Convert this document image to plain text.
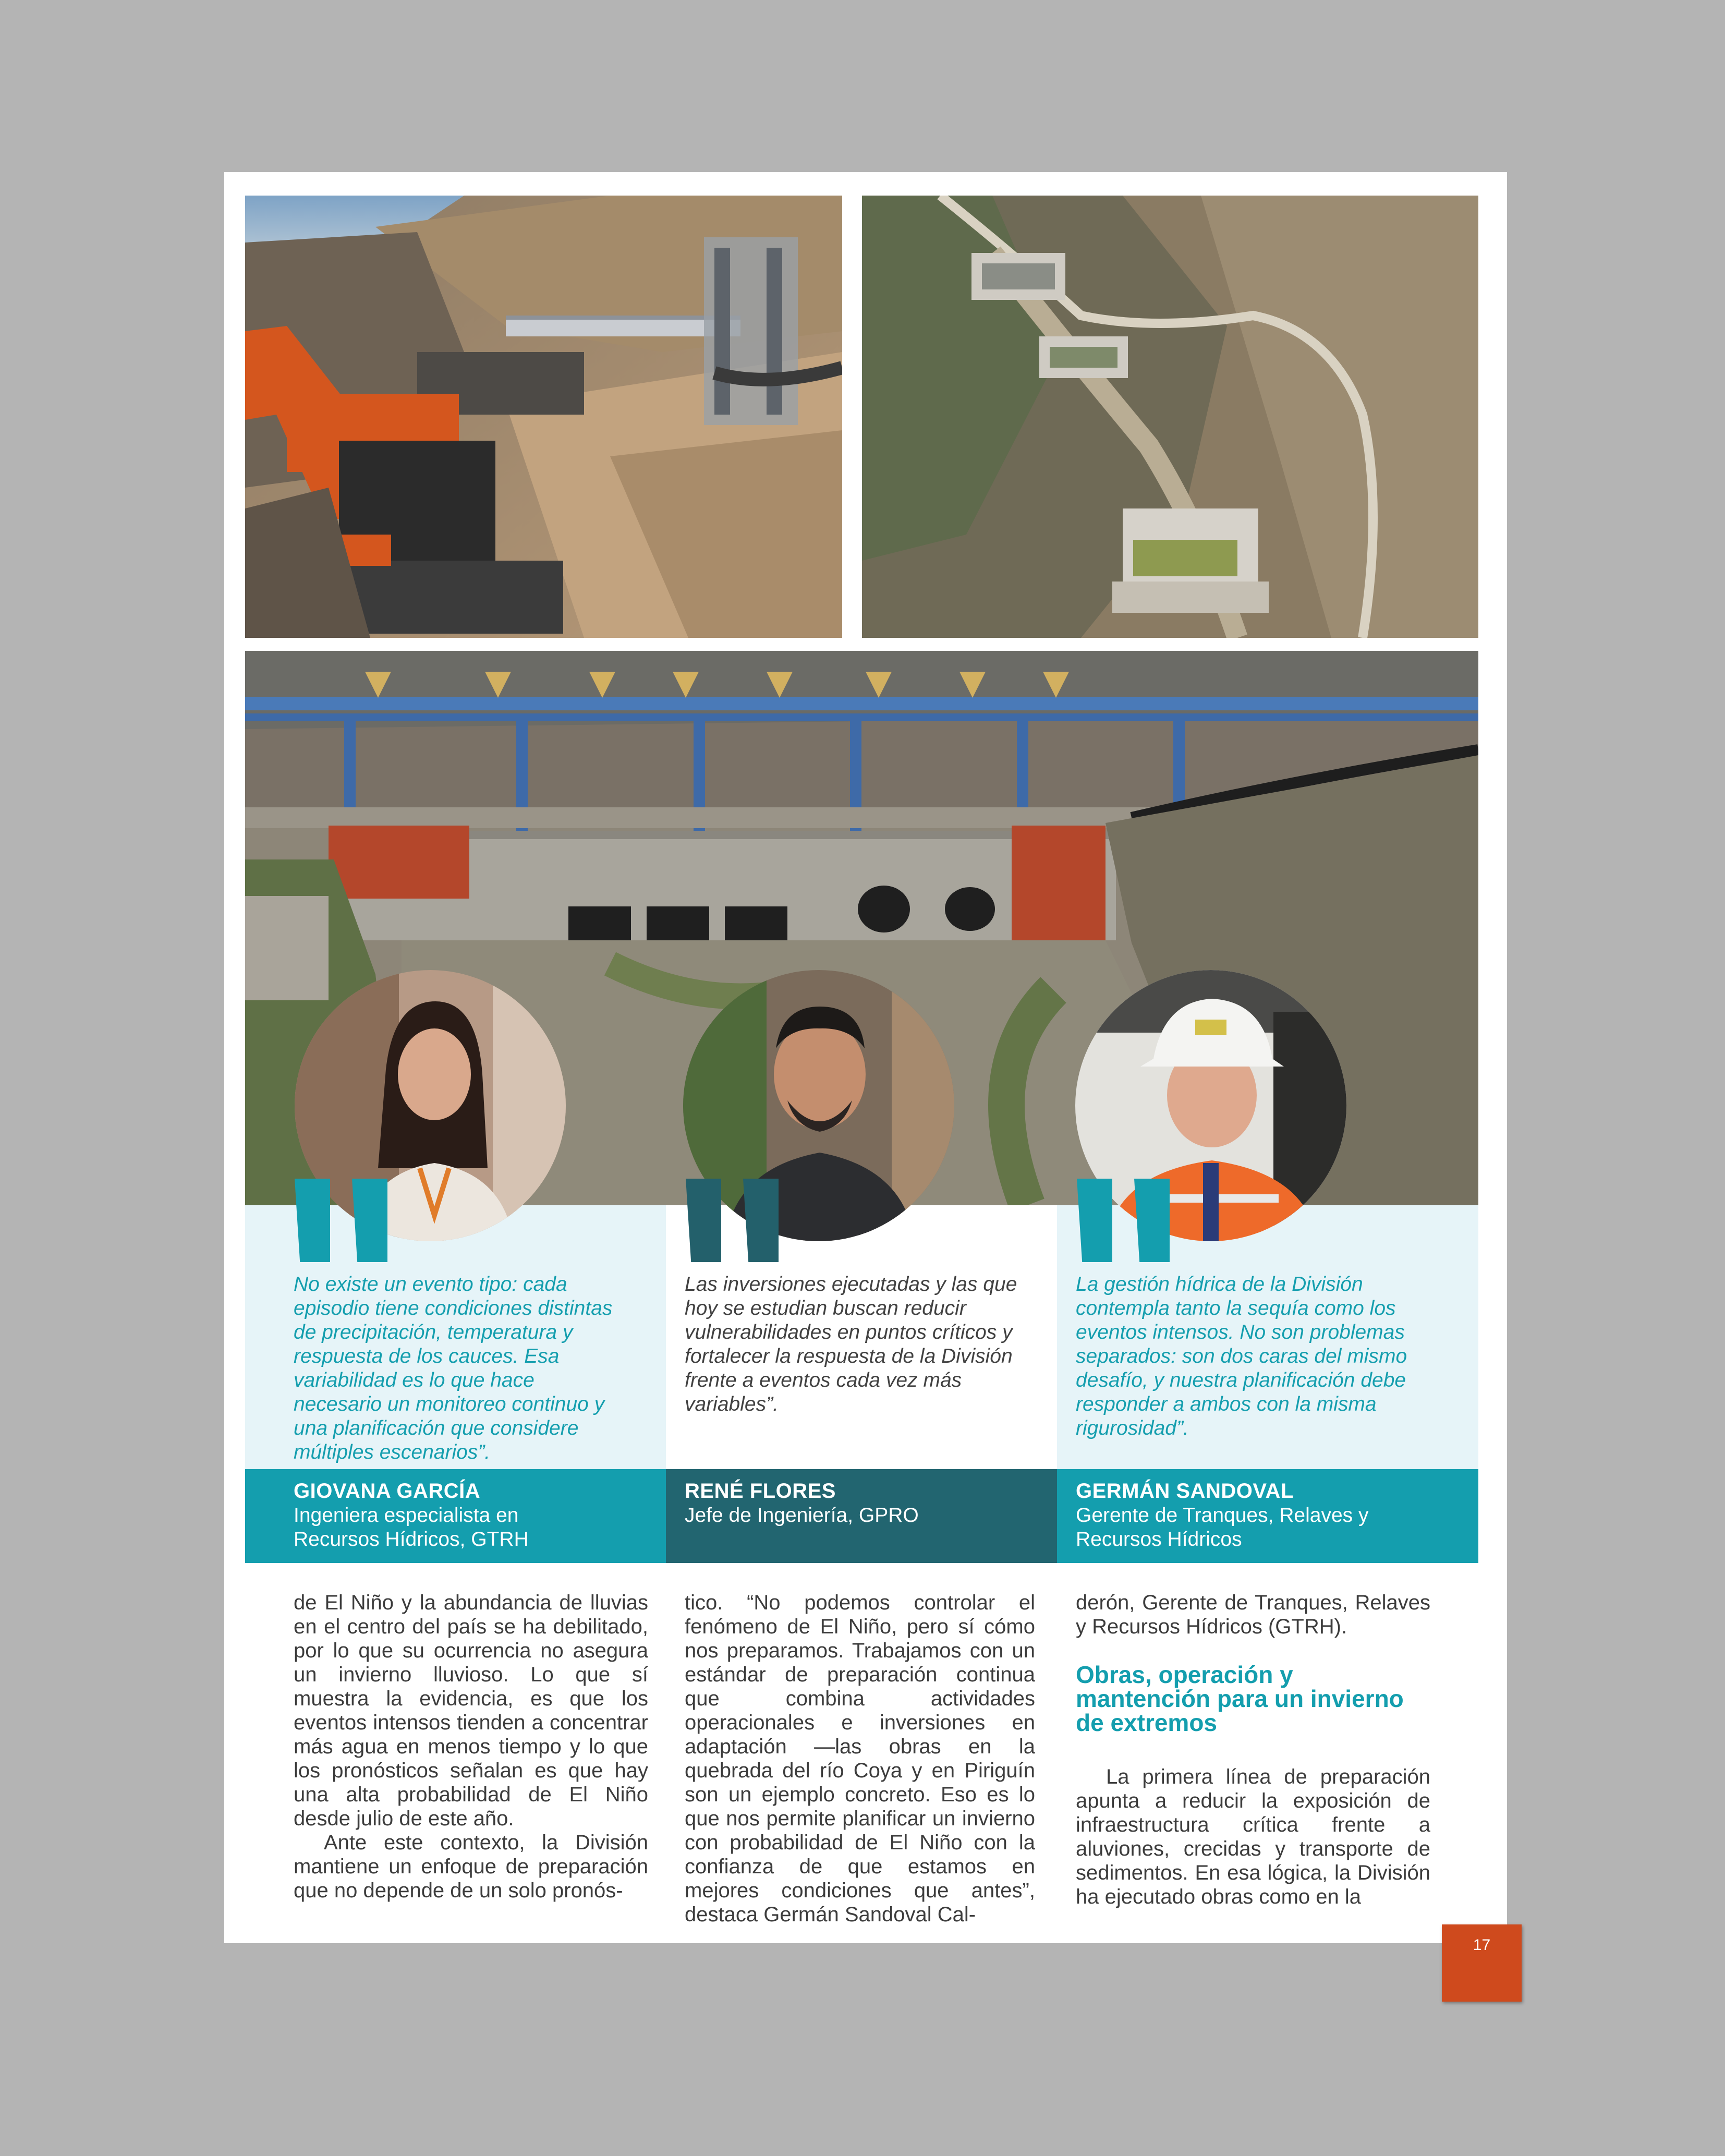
No existe un evento tipo: cada episodio tiene condiciones distintas de precipitación, temperatura y respuesta de los cauces. Esa variabilidad es lo que hace necesario un monitoreo continuo y una planificación que considere múltiples escenarios”.

Las inversiones ejecutadas y las que hoy se estudian buscan reducir vulnerabilidades en puntos críticos y fortalecer la respuesta de la División frente a eventos cada vez más variables”.

La gestión hídrica de la División contempla tanto la sequía como los eventos intensos. No son problemas separados: son dos caras del mismo desafío, y nuestra planificación debe responder a ambos con la misma rigurosidad”.

GIOVANA GARCÍA
Ingeniera especialista en Recursos Hídricos, GTRH
RENÉ FLORES
Jefe de Ingeniería, GPRO
GERMÁN SANDOVAL
Gerente de Tranques, Relaves y Recursos Hídricos

de El Niño y la abundancia de lluvias en el centro del país se ha debilitado, por lo que su ocurrencia no asegura un invierno lluvioso. Lo que sí muestra la evidencia, es que los eventos intensos tienden a concentrar más agua en menos tiempo y lo que los pronósticos señalan es que hay una alta probabilidad de El Niño desde julio de este año.

Ante este contexto, la División mantiene un enfoque de preparación que no depende de un solo pronós-

tico. “No podemos controlar el fenómeno de El Niño, pero sí cómo nos preparamos. Trabajamos con un estándar de preparación continua que combina actividades operacionales e inversiones en adaptación —las obras en la quebrada del río Coya y en Piriguín son un ejemplo concreto. Eso es lo que nos permite planificar un invierno con probabilidad de El Niño con la confianza de que estamos en mejores condiciones que antes”, destaca Germán Sandoval Cal-

derón, Gerente de Tranques, Relaves y Recursos Hídricos (GTRH).

Obras, operación y mantención para un invierno de extremos

La primera línea de preparación apunta a reducir la exposición de infraestructura crítica frente a aluviones, crecidas y transporte de sedimentos. En esa lógica, la División ha ejecutado obras como en la

17
